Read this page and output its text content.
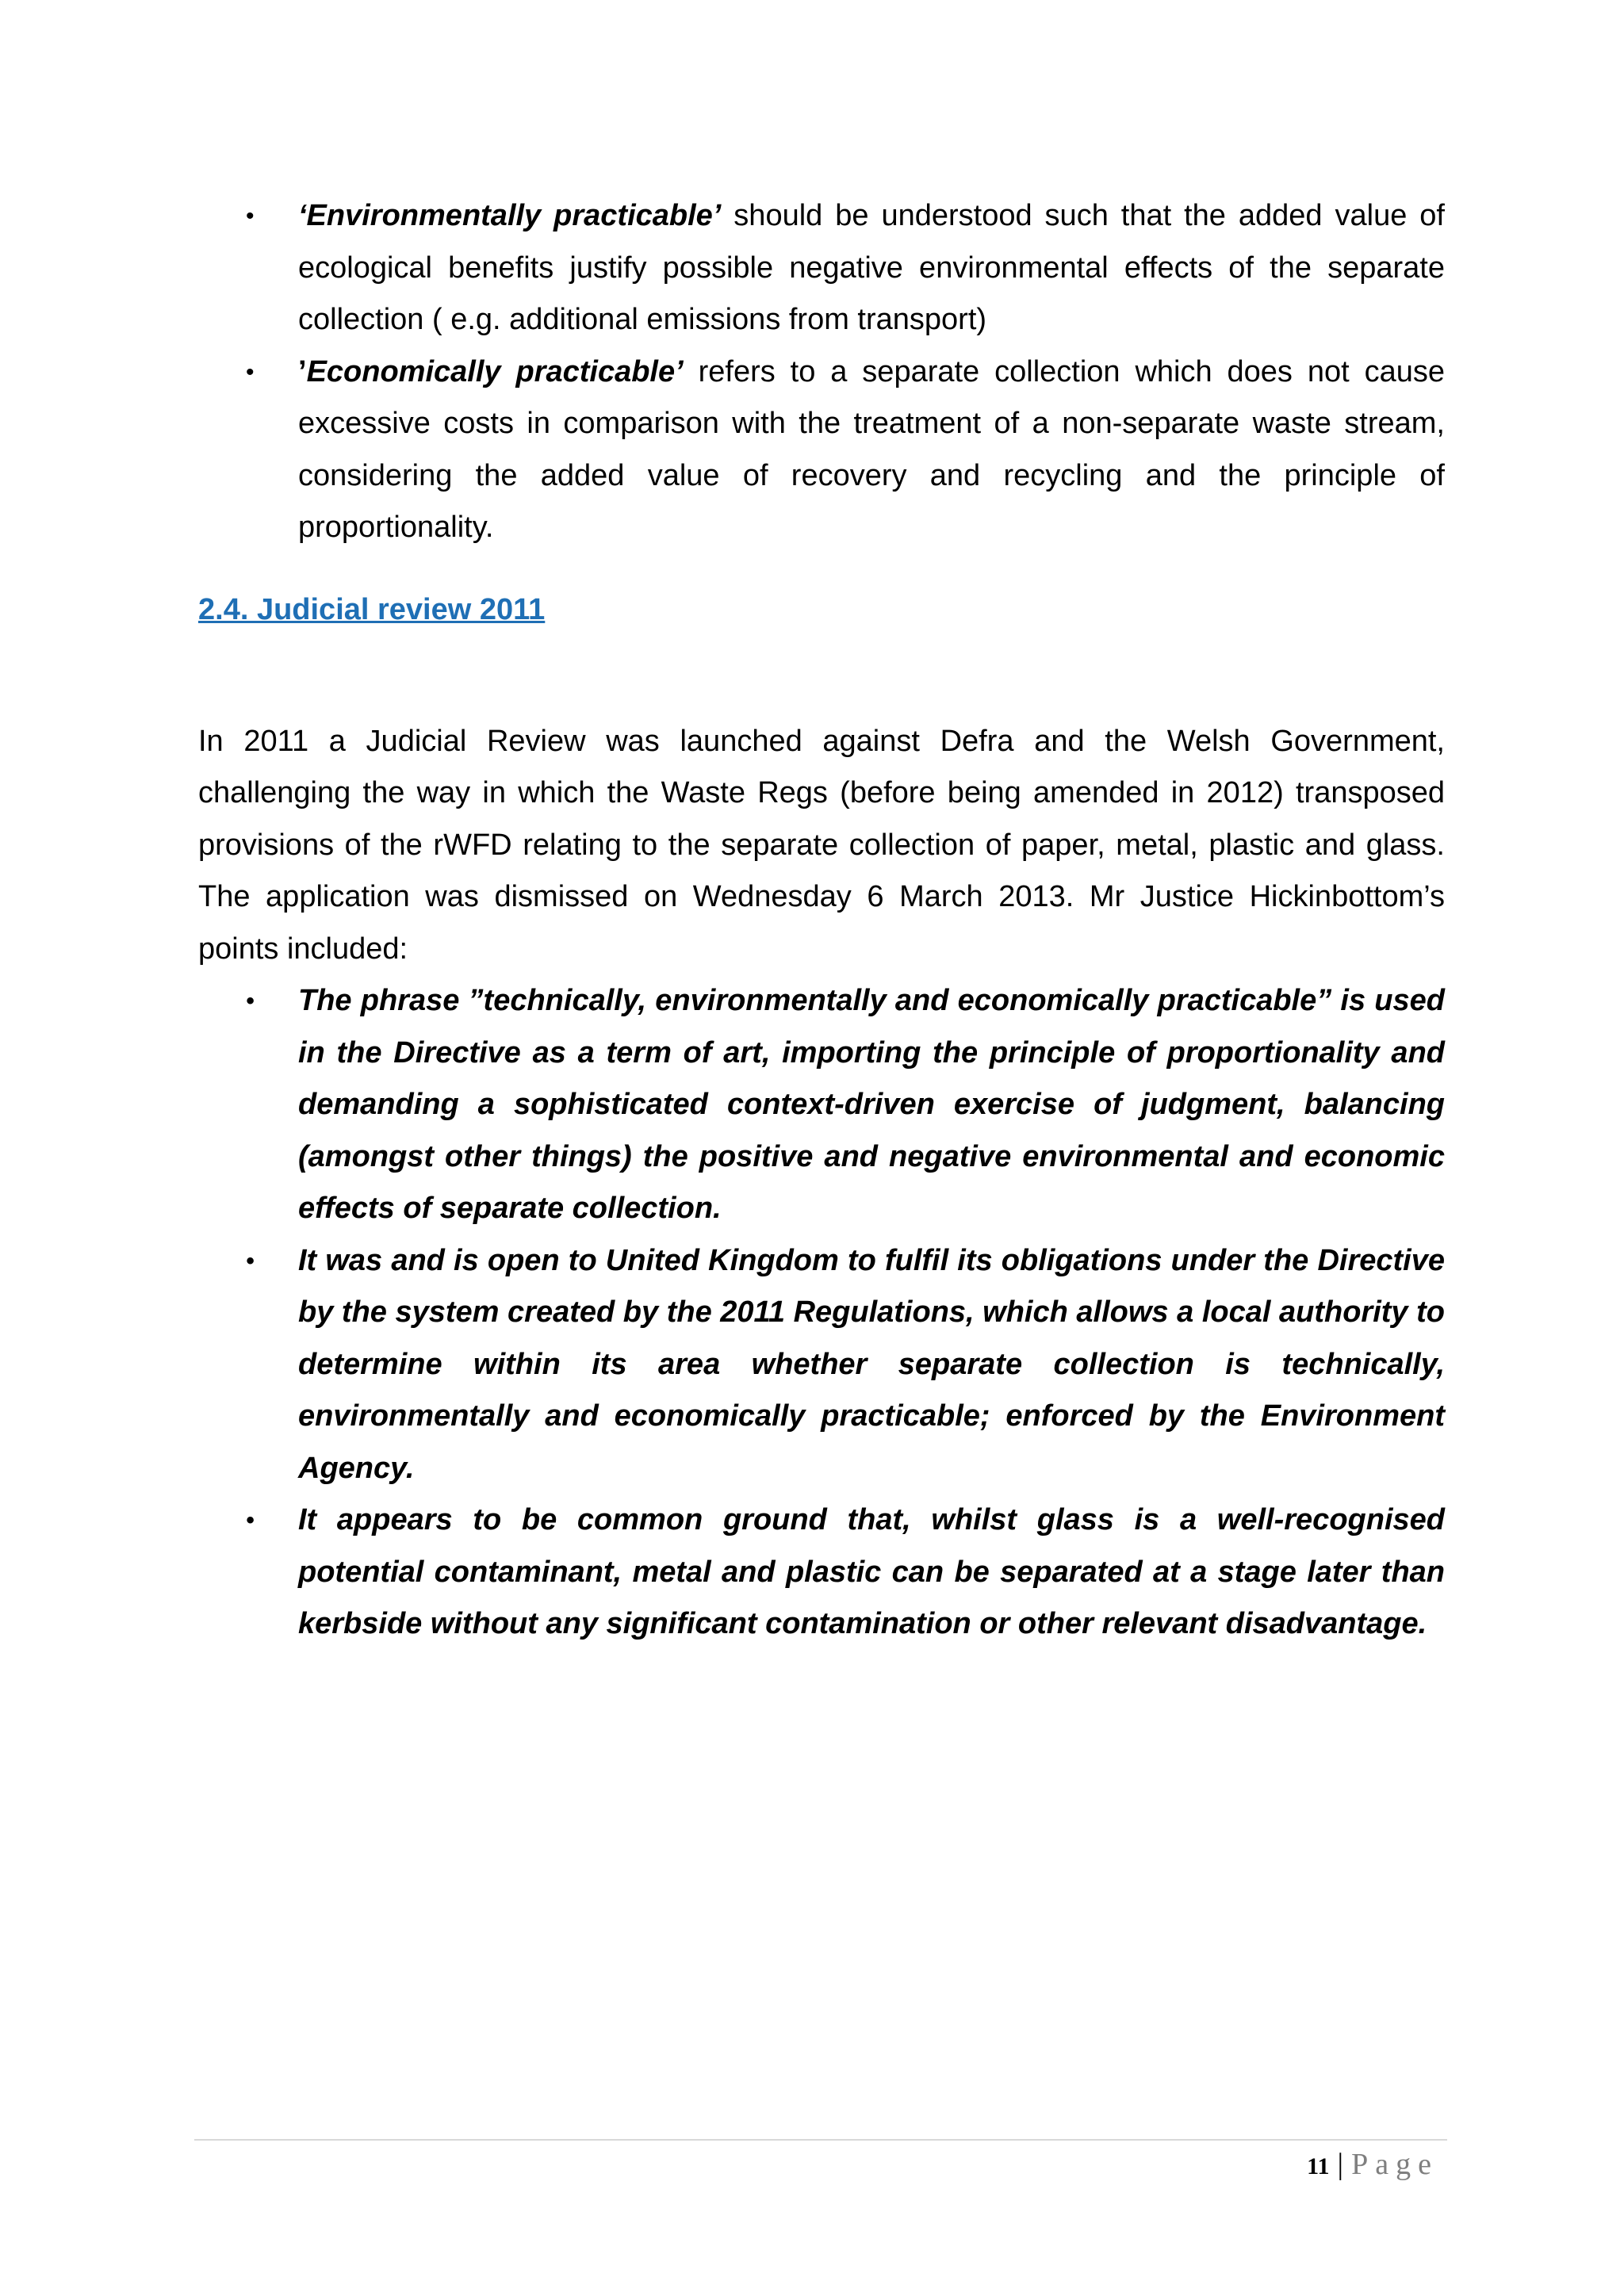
• ‘Environmentally practicable’ should be understood such that the added value of ecological benefits justify possible negative environmental effects of the separate collection ( e.g. additional emissions from transport)
• ’Economically practicable’ refers to a separate collection which does not cause excessive costs in comparison with the treatment of a non-separate waste stream, considering the added value of recovery and recycling and the principle of proportionality.
2.4. Judicial review 2011

In 2011 a Judicial Review was launched against Defra and the Welsh Government, challenging the way in which the Waste Regs (before being amended in 2012) transposed provisions of the rWFD relating to the separate collection of paper, metal, plastic and glass. The application was dismissed on Wednesday 6 March 2013. Mr Justice Hickinbottom’s points included:

• The phrase ”technically, environmentally and economically practicable” is used in the Directive as a term of art, importing the principle of proportionality and demanding a sophisticated context-driven exercise of judgment, balancing (amongst other things) the positive and negative environmental and economic effects of separate collection.
• It was and is open to United Kingdom to fulfil its obligations under the Directive by the system created by the 2011 Regulations, which allows a local authority to determine within its area whether separate collection is technically, environmentally and economically practicable; enforced by the Environment Agency.
• It appears to be common ground that, whilst glass is a well-recognised potential contaminant, metal and plastic can be separated at a stage later than kerbside without any significant contamination or other relevant disadvantage.
11 | Page
